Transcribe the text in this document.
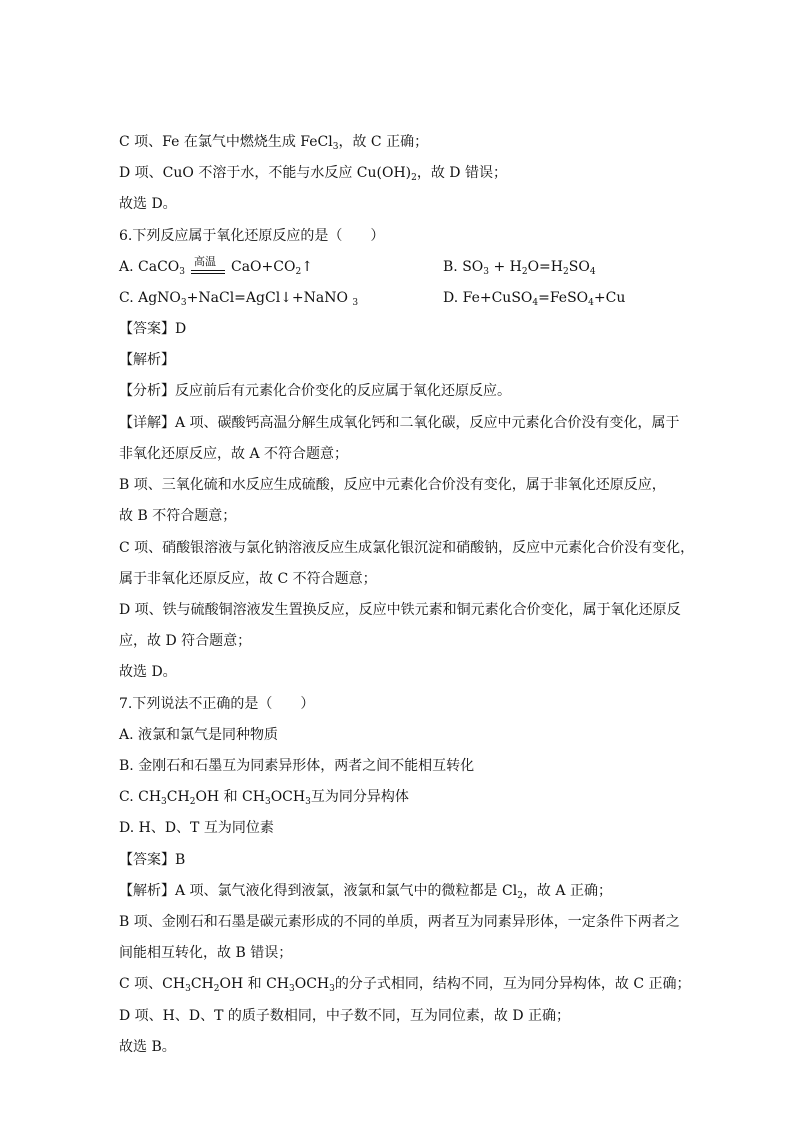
C 项、Fe 在氯气中燃烧生成 FeCl$_3$，故 C 正确；
D 项、CuO 不溶于水，不能与水反应 $Cu(OH)_2$，故 D 错误；
故选 D。
6.下列反应属于氧化还原反应的是（　　）
A. CaCO$_3$
高温 $CaO+CO_2↑$	B. $SO_3 + H_2O=H_2SO_4$
C. AgNO$_3$+NaCl=AgCl↓+NaNO $_3$	D. Fe+CuSO$_4$=FeSO$_4$+Cu
【答案】D
【解析】
【分析】反应前后有元素化合价变化的反应属于氧化还原反应。
【详解】A 项、碳酸钙高温分解生成氧化钙和二氧化碳，反应中元素化合价没有变化，属于
非氧化还原反应，故 A 不符合题意；
B 项、三氧化硫和水反应生成硫酸，反应中元素化合价没有变化，属于非氧化还原反应，
故 B 不符合题意；
C 项、硝酸银溶液与氯化钠溶液反应生成氯化银沉淀和硝酸钠，反应中元素化合价没有变化，
属于非氧化还原反应，故 C 不符合题意；
D 项、铁与硫酸铜溶液发生置换反应，反应中铁元素和铜元素化合价变化，属于氧化还原反
应，故 D 符合题意；
故选 D。
7.下列说法不正确的是（　　）
A. 液氯和氯气是同种物质
B. 金刚石和石墨互为同素异形体，两者之间不能相互转化
C. $CH_3CH_2OH$ 和 $CH_3OCH_3$互为同分异构体
D. H、D、T 互为同位素
【答案】B
【解析】A 项、氯气液化得到液氯，液氯和氯气中的微粒都是 $Cl_2$，故 A 正确；
B 项、金刚石和石墨是碳元素形成的不同的单质，两者互为同素异形体，一定条件下两者之
间能相互转化，故 B 错误；
C 项、$CH_3CH_2OH$ 和 $CH_3OCH_3$的分子式相同，结构不同，互为同分异构体，故 C 正确；
D 项、H、D、T 的质子数相同，中子数不同，互为同位素，故 D 正确；
故选 B。
